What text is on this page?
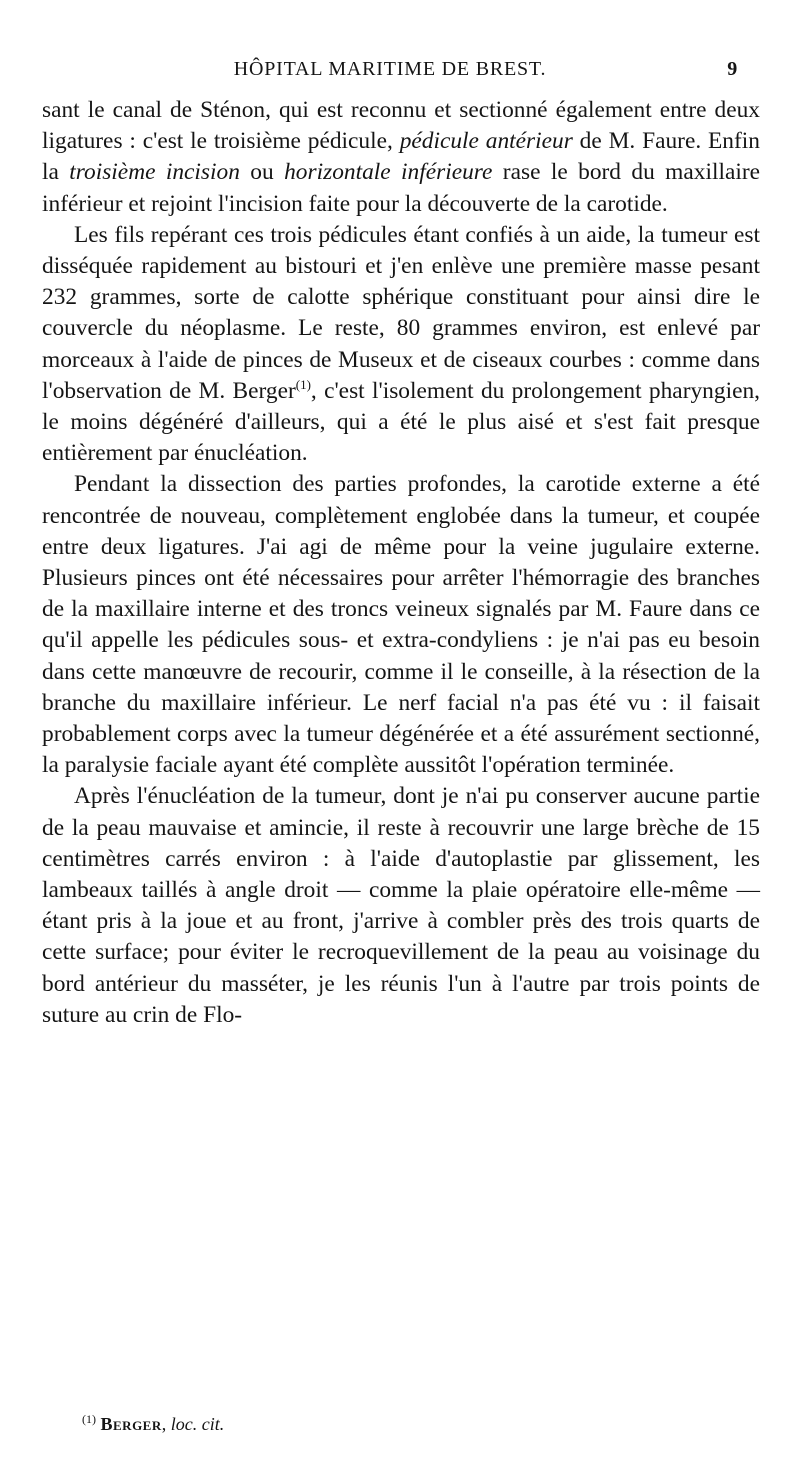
HÔPITAL MARITIME DE BREST.	9

sant le canal de Sténon, qui est reconnu et sectionné également entre deux ligatures : c'est le troisième pédicule, pédicule antérieur de M. Faure. Enfin la troisième incision ou horizontale inférieure rase le bord du maxillaire inférieur et rejoint l'incision faite pour la découverte de la carotide.

Les fils repérant ces trois pédicules étant confiés à un aide, la tumeur est disséquée rapidement au bistouri et j'en enlève une première masse pesant 232 grammes, sorte de calotte sphérique constituant pour ainsi dire le couvercle du néoplasme. Le reste, 80 grammes environ, est enlevé par morceaux à l'aide de pinces de Museux et de ciseaux courbes : comme dans l'observation de M. Berger$^{(1)}$, c'est l'isolement du prolongement pharyngien, le moins dégénéré d'ailleurs, qui a été le plus aisé et s'est fait presque entièrement par énucléation.

Pendant la dissection des parties profondes, la carotide externe a été rencontrée de nouveau, complètement englobée dans la tumeur, et coupée entre deux ligatures. J'ai agi de même pour la veine jugulaire externe. Plusieurs pinces ont été nécessaires pour arrêter l'hémorragie des branches de la maxillaire interne et des troncs veineux signalés par M. Faure dans ce qu'il appelle les pédicules sous- et extra-condyliens : je n'ai pas eu besoin dans cette manœuvre de recourir, comme il le conseille, à la résection de la branche du maxillaire inférieur. Le nerf facial n'a pas été vu : il faisait probablement corps avec la tumeur dégénérée et a été assurément sectionné, la paralysie faciale ayant été complète aussitôt l'opération terminée.

Après l'énucléation de la tumeur, dont je n'ai pu conserver aucune partie de la peau mauvaise et amincie, il reste à recouvrir une large brèche de 15 centimètres carrés environ : à l'aide d'autoplastie par glissement, les lambeaux taillés à angle droit — comme la plaie opératoire elle-même — étant pris à la joue et au front, j'arrive à combler près des trois quarts de cette surface; pour éviter le recroquevillement de la peau au voisinage du bord antérieur du masséter, je les réunis l'un à l'autre par trois points de suture au crin de Flo-

$^{(1)}$ Berger, loc. cit.
